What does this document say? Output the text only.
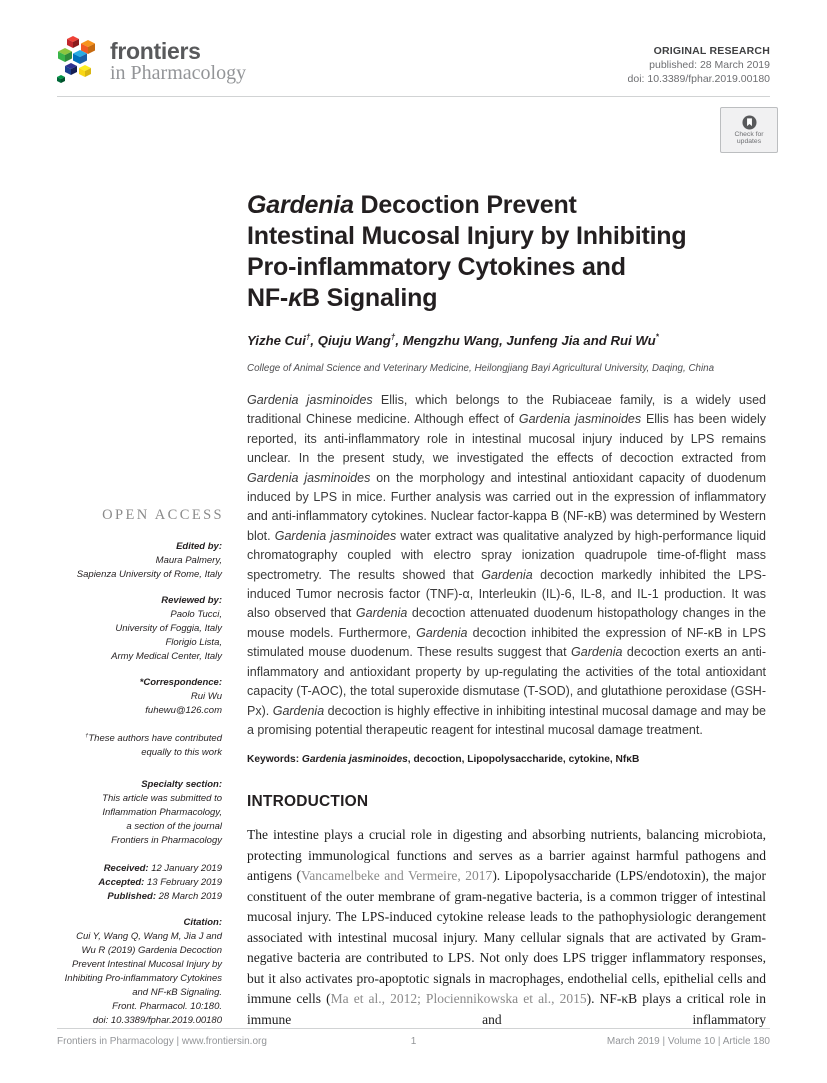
frontiers
in Pharmacology
ORIGINAL RESEARCH
published: 28 March 2019
doi: 10.3389/fphar.2019.00180
Check for
updates
OPEN ACCESS
Edited by:
Maura Palmery,
Sapienza University of Rome, Italy
Reviewed by:
Paolo Tucci,
University of Foggia, Italy
Florigio Lista,
Army Medical Center, Italy
*Correspondence:
Rui Wu
fuhewu@126.com
†These authors have contributed
equally to this work
Specialty section:
This article was submitted to
Inflammation Pharmacology,
a section of the journal
Frontiers in Pharmacology
Received: 12 January 2019
Accepted: 13 February 2019
Published: 28 March 2019
Citation:
Cui Y, Wang Q, Wang M, Jia J and
Wu R (2019) Gardenia Decoction
Prevent Intestinal Mucosal Injury by
Inhibiting Pro-inflammatory Cytokines
and NF-κB Signaling.
Front. Pharmacol. 10:180.
doi: 10.3389/fphar.2019.00180
Gardenia Decoction Prevent
Intestinal Mucosal Injury by Inhibiting
Pro-inflammatory Cytokines and
NF-κB Signaling
Yizhe Cui†, Qiuju Wang†, Mengzhu Wang, Junfeng Jia and Rui Wu*
College of Animal Science and Veterinary Medicine, Heilongjiang Bayi Agricultural University, Daqing, China
Gardenia jasminoides Ellis, which belongs to the Rubiaceae family, is a widely used traditional Chinese medicine. Although effect of Gardenia jasminoides Ellis has been widely reported, its anti-inflammatory role in intestinal mucosal injury induced by LPS remains unclear. In the present study, we investigated the effects of decoction extracted from Gardenia jasminoides on the morphology and intestinal antioxidant capacity of duodenum induced by LPS in mice. Further analysis was carried out in the expression of inflammatory and anti-inflammatory cytokines. Nuclear factor-kappa B (NF-κB) was determined by Western blot. Gardenia jasminoides water extract was qualitative analyzed by high-performance liquid chromatography coupled with electro spray ionization quadrupole time-of-flight mass spectrometry. The results showed that Gardenia decoction markedly inhibited the LPS-induced Tumor necrosis factor (TNF)-α, Interleukin (IL)-6, IL-8, and IL-1 production. It was also observed that Gardenia decoction attenuated duodenum histopathology changes in the mouse models. Furthermore, Gardenia decoction inhibited the expression of NF-κB in LPS stimulated mouse duodenum. These results suggest that Gardenia decoction exerts an anti-inflammatory and antioxidant property by up-regulating the activities of the total antioxidant capacity (T-AOC), the total superoxide dismutase (T-SOD), and glutathione peroxidase (GSH-Px). Gardenia decoction is highly effective in inhibiting intestinal mucosal damage and may be a promising potential therapeutic reagent for intestinal mucosal damage treatment.
Keywords: Gardenia jasminoides, decoction, Lipopolysaccharide, cytokine, NfκB
INTRODUCTION
The intestine plays a crucial role in digesting and absorbing nutrients, balancing microbiota, protecting immunological functions and serves as a barrier against harmful pathogens and antigens (Vancamelbeke and Vermeire, 2017). Lipopolysaccharide (LPS/endotoxin), the major constituent of the outer membrane of gram-negative bacteria, is a common trigger of intestinal mucosal injury. The LPS-induced cytokine release leads to the pathophysiologic derangement associated with intestinal mucosal injury. Many cellular signals that are activated by Gram-negative bacteria are contributed to LPS. Not only does LPS trigger inflammatory responses, but it also activates pro-apoptotic signals in macrophages, endothelial cells, epithelial cells and immune cells (Ma et al., 2012; Plociennikowska et al., 2015). NF-κB plays a critical role in immune and inflammatory
Frontiers in Pharmacology | www.frontiersin.org	1	March 2019 | Volume 10 | Article 180
